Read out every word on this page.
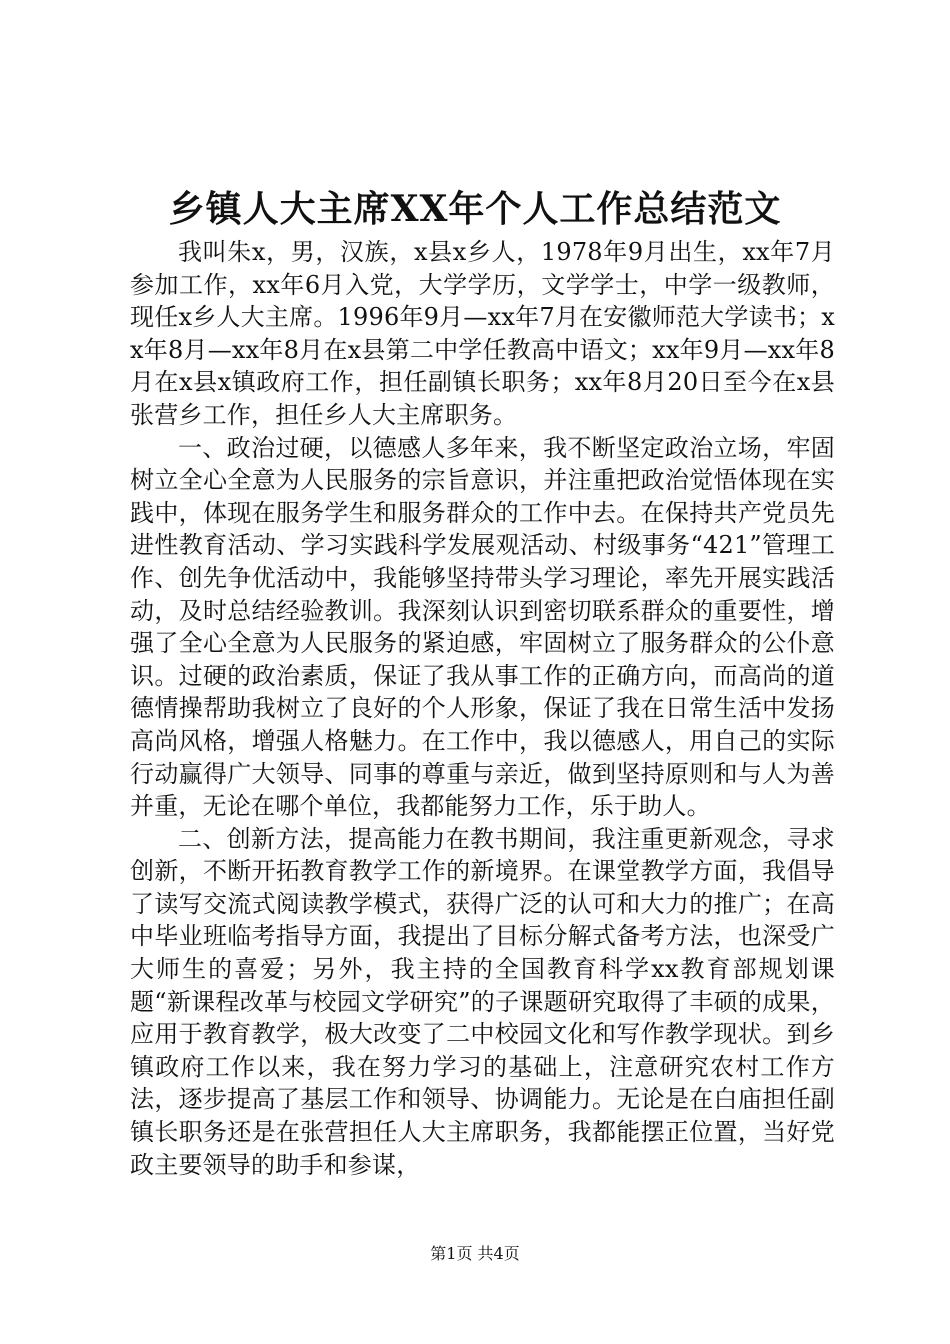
乡镇人大主席XX年个人工作总结范文

我叫朱x，男，汉族，x县x乡人，1978年9月出生，xx年7月参加工作，xx年6月入党，大学学历，文学学士，中学一级教师，现任x乡人大主席。1996年9月—xx年7月在安徽师范大学读书；xx年8月—xx年8月在x县第二中学任教高中语文；xx年9月—xx年8月在x县x镇政府工作，担任副镇长职务；xx年8月20日至今在x县张营乡工作，担任乡人大主席职务。

一、政治过硬，以德感人多年来，我不断坚定政治立场，牢固树立全心全意为人民服务的宗旨意识，并注重把政治觉悟体现在实践中，体现在服务学生和服务群众的工作中去。在保持共产党员先进性教育活动、学习实践科学发展观活动、村级事务“421”管理工作、创先争优活动中，我能够坚持带头学习理论，率先开展实践活动，及时总结经验教训。我深刻认识到密切联系群众的重要性，增强了全心全意为人民服务的紧迫感，牢固树立了服务群众的公仆意识。过硬的政治素质，保证了我从事工作的正确方向，而高尚的道德情操帮助我树立了良好的个人形象，保证了我在日常生活中发扬高尚风格，增强人格魅力。在工作中，我以德感人，用自己的实际行动赢得广大领导、同事的尊重与亲近，做到坚持原则和与人为善并重，无论在哪个单位，我都能努力工作，乐于助人。

二、创新方法，提高能力在教书期间，我注重更新观念，寻求创新，不断开拓教育教学工作的新境界。在课堂教学方面，我倡导了读写交流式阅读教学模式，获得广泛的认可和大力的推广；在高中毕业班临考指导方面，我提出了目标分解式备考方法，也深受广大师生的喜爱；另外，我主持的全国教育科学xx教育部规划课题“新课程改革与校园文学研究”的子课题研究取得了丰硕的成果，应用于教育教学，极大改变了二中校园文化和写作教学现状。到乡镇政府工作以来，我在努力学习的基础上，注意研究农村工作方法，逐步提高了基层工作和领导、协调能力。无论是在白庙担任副镇长职务还是在张营担任人大主席职务，我都能摆正位置，当好党政主要领导的助手和参谋，

第1页 共4页
